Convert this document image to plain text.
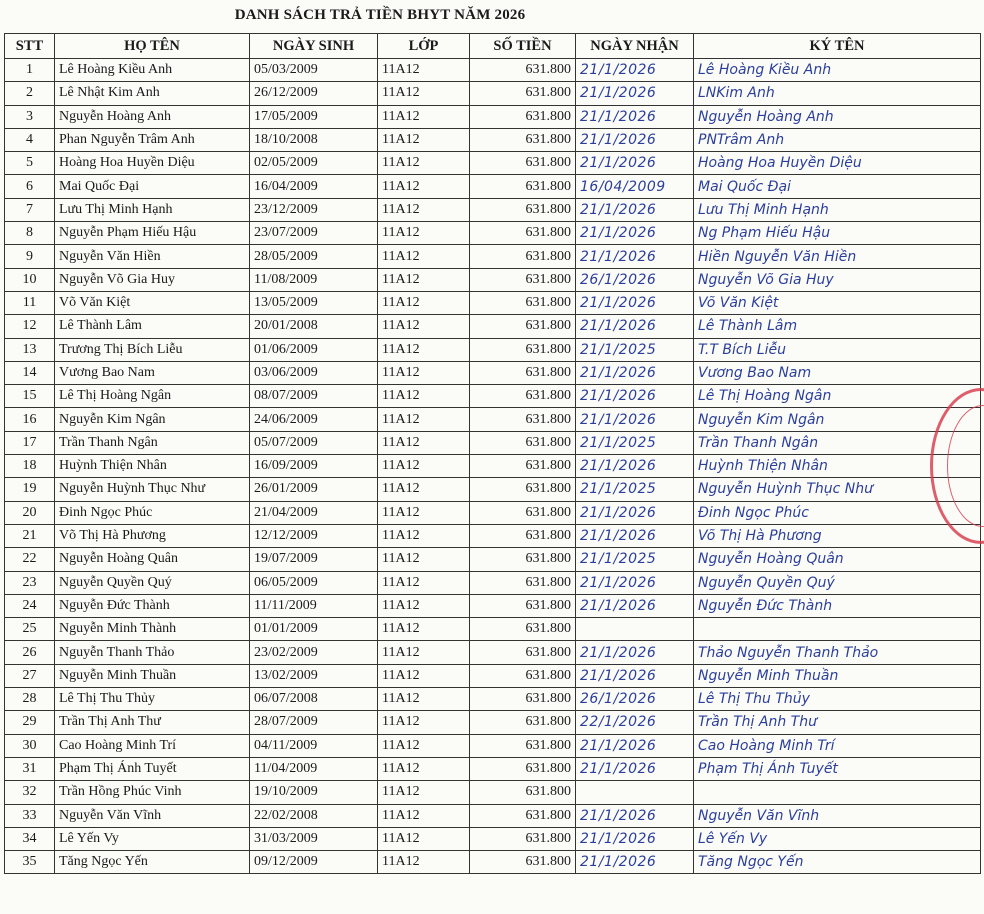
DANH SÁCH TRẢ TIỀN BHYT NĂM 2026
STT	HỌ TÊN	NGÀY SINH	LỚP	SỐ TIỀN	NGÀY NHẬN	KÝ TÊN
1	Lê Hoàng Kiều Anh	05/03/2009	11A12	631.800	21/1/2026	Lê Hoàng Kiều Anh
2	Lê Nhật Kim Anh	26/12/2009	11A12	631.800	21/1/2026	LNKim Anh
3	Nguyễn Hoàng Anh	17/05/2009	11A12	631.800	21/1/2026	Nguyễn Hoàng Anh
4	Phan Nguyễn Trâm Anh	18/10/2008	11A12	631.800	21/1/2026	PNTrâm Anh
5	Hoàng Hoa Huyền Diệu	02/05/2009	11A12	631.800	21/1/2026	Hoàng Hoa Huyền Diệu
6	Mai Quốc Đại	16/04/2009	11A12	631.800	16/04/2009	Mai Quốc Đại
7	Lưu Thị Minh Hạnh	23/12/2009	11A12	631.800	21/1/2026	Lưu Thị Minh Hạnh
8	Nguyễn Phạm Hiếu Hậu	23/07/2009	11A12	631.800	21/1/2026	Ng Phạm Hiếu Hậu
9	Nguyễn Văn Hiền	28/05/2009	11A12	631.800	21/1/2026	Hiền Nguyễn Văn Hiền
10	Nguyễn Võ Gia Huy	11/08/2009	11A12	631.800	26/1/2026	Nguyễn Võ Gia Huy
11	Võ Văn Kiệt	13/05/2009	11A12	631.800	21/1/2026	Võ Văn Kiệt
12	Lê Thành Lâm	20/01/2008	11A12	631.800	21/1/2026	Lê Thành Lâm
13	Trương Thị Bích Liễu	01/06/2009	11A12	631.800	21/1/2025	T.T Bích Liễu
14	Vương Bao Nam	03/06/2009	11A12	631.800	21/1/2026	Vương Bao Nam
15	Lê Thị Hoàng Ngân	08/07/2009	11A12	631.800	21/1/2026	Lê Thị Hoàng Ngân
16	Nguyễn Kim Ngân	24/06/2009	11A12	631.800	21/1/2026	Nguyễn Kim Ngân
17	Trần Thanh Ngân	05/07/2009	11A12	631.800	21/1/2025	Trần Thanh Ngân
18	Huỳnh Thiện Nhân	16/09/2009	11A12	631.800	21/1/2026	Huỳnh Thiện Nhân
19	Nguyễn Huỳnh Thục Như	26/01/2009	11A12	631.800	21/1/2025	Nguyễn Huỳnh Thục Như
20	Đinh Ngọc Phúc	21/04/2009	11A12	631.800	21/1/2026	Đinh Ngọc Phúc
21	Võ Thị Hà Phương	12/12/2009	11A12	631.800	21/1/2026	Võ Thị Hà Phương
22	Nguyễn Hoàng Quân	19/07/2009	11A12	631.800	21/1/2025	Nguyễn Hoàng Quân
23	Nguyễn Quyền Quý	06/05/2009	11A12	631.800	21/1/2026	Nguyễn Quyền Quý
24	Nguyễn Đức Thành	11/11/2009	11A12	631.800	21/1/2026	Nguyễn Đức Thành
25	Nguyễn Minh Thành	01/01/2009	11A12	631.800		
26	Nguyễn Thanh Thảo	23/02/2009	11A12	631.800	21/1/2026	Thảo Nguyễn Thanh Thảo
27	Nguyễn Minh Thuần	13/02/2009	11A12	631.800	21/1/2026	Nguyễn Minh Thuần
28	Lê Thị Thu Thủy	06/07/2008	11A12	631.800	26/1/2026	Lê Thị Thu Thủy
29	Trần Thị Anh Thư	28/07/2009	11A12	631.800	22/1/2026	Trần Thị Anh Thư
30	Cao Hoàng Minh Trí	04/11/2009	11A12	631.800	21/1/2026	Cao Hoàng Minh Trí
31	Phạm Thị Ánh Tuyết	11/04/2009	11A12	631.800	21/1/2026	Phạm Thị Ánh Tuyết
32	Trần Hồng Phúc Vinh	19/10/2009	11A12	631.800		
33	Nguyễn Văn Vĩnh	22/02/2008	11A12	631.800	21/1/2026	Nguyễn Văn Vĩnh
34	Lê Yến Vy	31/03/2009	11A12	631.800	21/1/2026	Lê Yến Vy
35	Tăng Ngọc Yến	09/12/2009	11A12	631.800	21/1/2026	Tăng Ngọc Yến
